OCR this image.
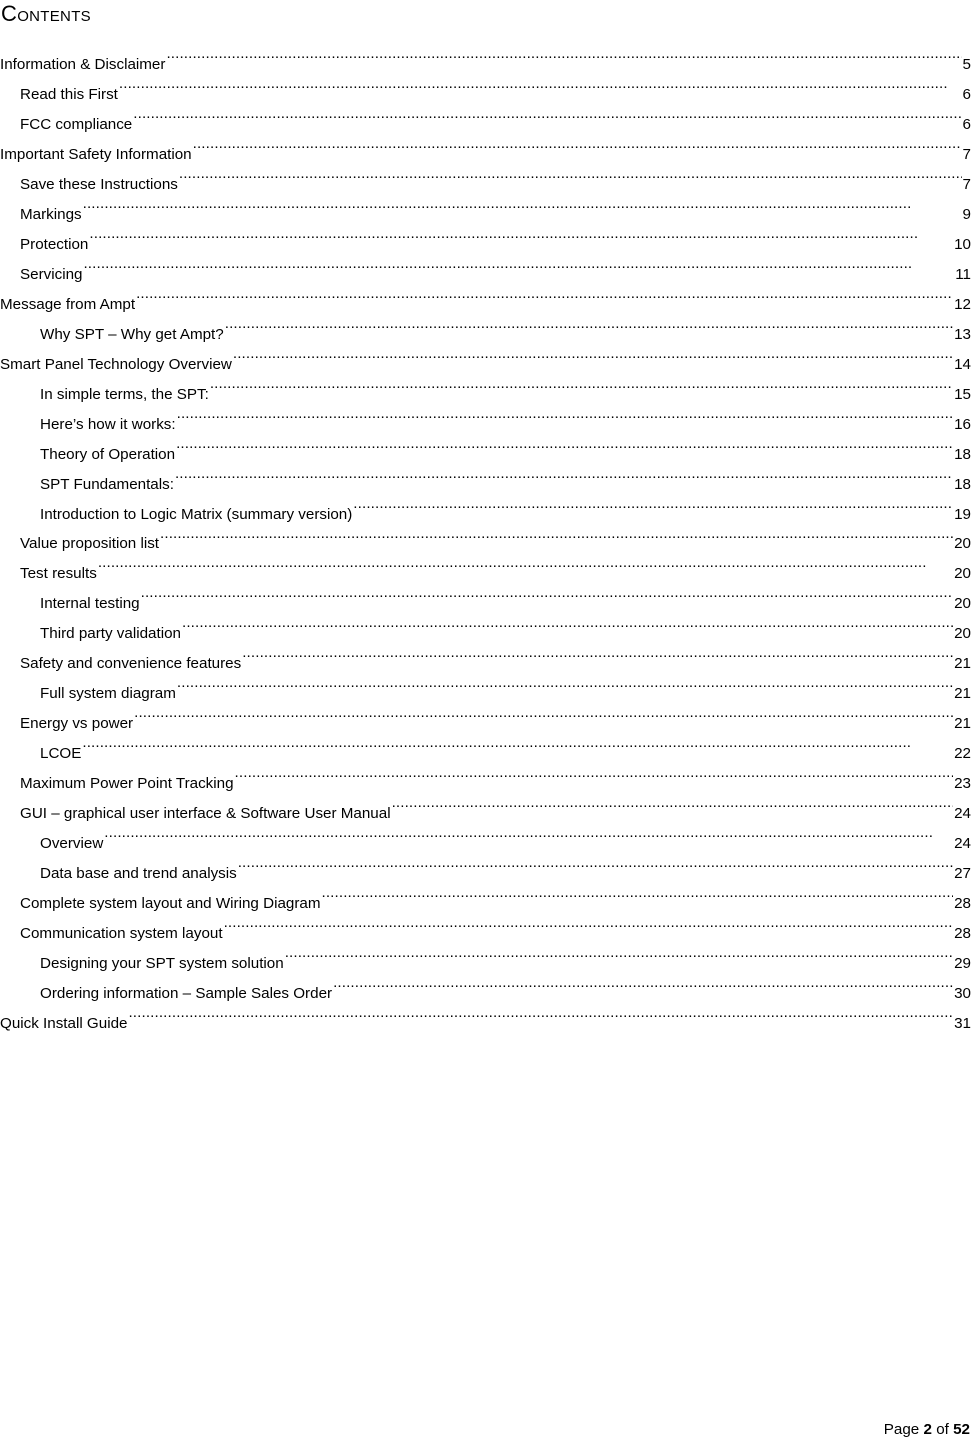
Contents
Information & Disclaimer . . .	5
Read this First . . .	6
FCC compliance . . .	6
Important Safety Information . . .	7
Save these Instructions . . .	7
Markings . . .	9
Protection . . .	10
Servicing . . .	11
Message from Ampt . . .	12
Why SPT – Why get Ampt? . . .	13
Smart Panel Technology Overview . . .	14
In simple terms, the SPT: . . .	15
Here’s how it works: . . .	16
Theory of Operation . . .	18
SPT Fundamentals: . . .	18
Introduction to Logic Matrix (summary version) . . .	19
Value proposition list . . .	20
Test results . . .	20
Internal testing . . .	20
Third party validation . . .	20
Safety and convenience features . . .	21
Full system diagram . . .	21
Energy vs power . . .	21
LCOE . . .	22
Maximum Power Point Tracking . . .	23
GUI – graphical user interface & Software User Manual . . .	24
Overview . . .	24
Data base and trend analysis . . .	27
Complete system layout and Wiring Diagram . . .	28
Communication system layout . . .	28
Designing your SPT system solution . . .	29
Ordering information – Sample Sales Order . . .	30
Quick Install Guide . . .	31
Page 2 of 52
